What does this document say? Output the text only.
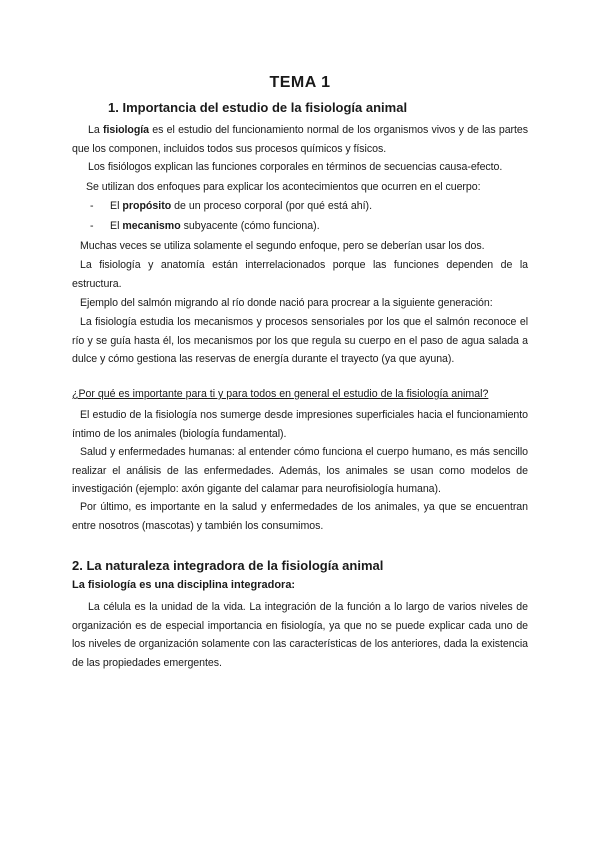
TEMA 1
1. Importancia del estudio de la fisiología animal
La fisiología es el estudio del funcionamiento normal de los organismos vivos y de las partes que los componen, incluidos todos sus procesos químicos y físicos.
Los fisiólogos explican las funciones corporales en términos de secuencias causa-efecto.
Se utilizan dos enfoques para explicar los acontecimientos que ocurren en el cuerpo:
- El propósito de un proceso corporal (por qué está ahí).
- El mecanismo subyacente (cómo funciona).
Muchas veces se utiliza solamente el segundo enfoque, pero se deberían usar los dos.
La fisiología y anatomía están interrelacionados porque las funciones dependen de la estructura.
Ejemplo del salmón migrando al río donde nació para procrear a la siguiente generación:
La fisiología estudia los mecanismos y procesos sensoriales por los que el salmón reconoce el río y se guía hasta él, los mecanismos por los que regula su cuerpo en el paso de agua salada a dulce y cómo gestiona las reservas de energía durante el trayecto (ya que ayuna).
¿Por qué es importante para ti y para todos en general el estudio de la fisiología animal?
El estudio de la fisiología nos sumerge desde impresiones superficiales hacia el funcionamiento íntimo de los animales (biología fundamental).
Salud y enfermedades humanas: al entender cómo funciona el cuerpo humano, es más sencillo realizar el análisis de las enfermedades. Además, los animales se usan como modelos de investigación (ejemplo: axón gigante del calamar para neurofisiología humana).
Por último, es importante en la salud y enfermedades de los animales, ya que se encuentran entre nosotros (mascotas) y también los consumimos.
2. La naturaleza integradora de la fisiología animal
La fisiología es una disciplina integradora:
La célula es la unidad de la vida. La integración de la función a lo largo de varios niveles de organización es de especial importancia en fisiología, ya que no se puede explicar cada uno de los niveles de organización solamente con las características de los anteriores, dada la existencia de las propiedades emergentes.
